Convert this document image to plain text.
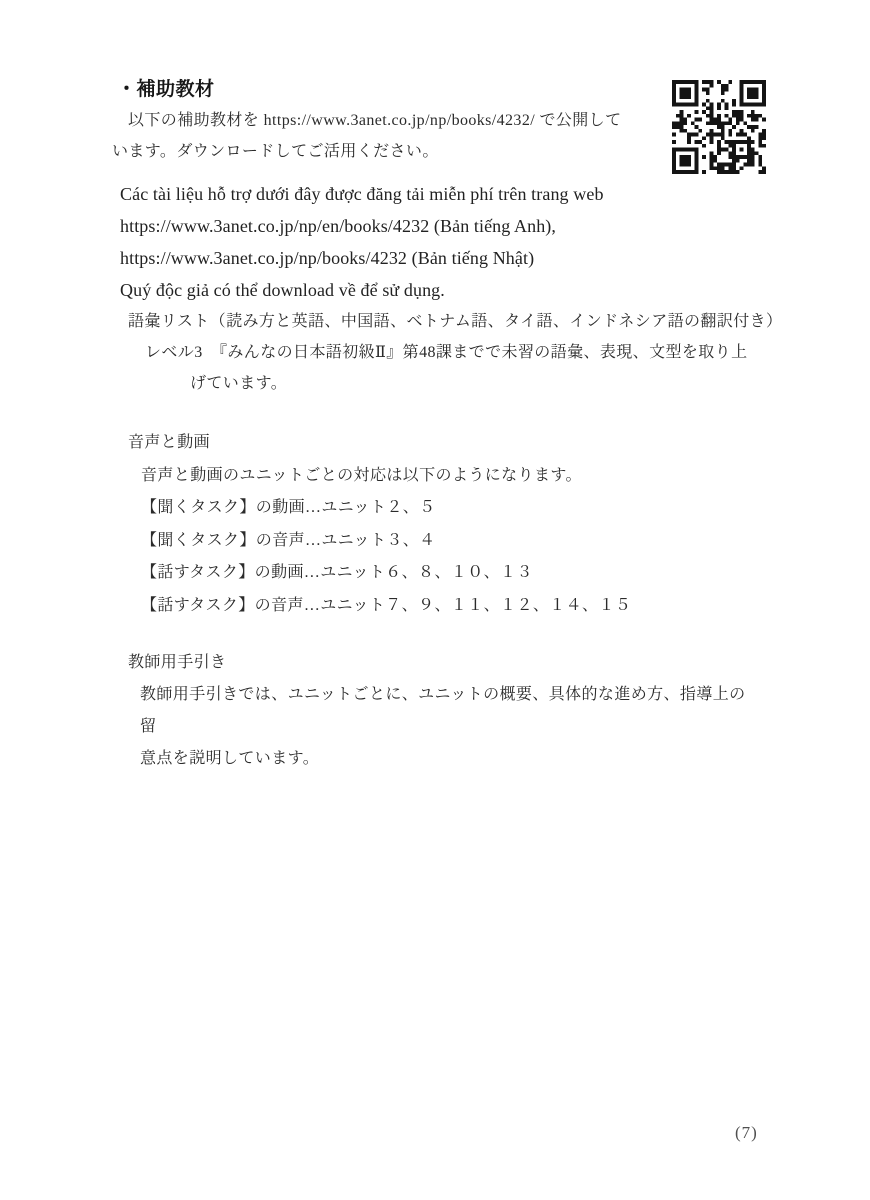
・補助教材
以下の補助教材を https://www.3anet.co.jp/np/books/4232/ で公開して
います。ダウンロードしてご活用ください。
Các tài liệu hỗ trợ dưới đây được đăng tải miễn phí trên trang web
https://www.3anet.co.jp/np/en/books/4232 (Bản tiếng Anh),
https://www.3anet.co.jp/np/books/4232 (Bản tiếng Nhật)
Quý độc giả có thể download về để sử dụng.
語彙リスト（読み方と英語、中国語、ベトナム語、タイ語、インドネシア語の翻訳付き）
レベル3　『みんなの日本語初級Ⅱ』第48課までで未習の語彙、表現、文型を取り上
げています。
音声と動画
音声と動画のユニットごとの対応は以下のようになります。
【聞くタスク】の動画…ユニット２、５
【聞くタスク】の音声…ユニット３、４
【話すタスク】の動画…ユニット６、８、１０、１３
【話すタスク】の音声…ユニット７、９、１１、１２、１４、１５
教師用手引き
教師用手引きでは、ユニットごとに、ユニットの概要、具体的な進め方、指導上の留
意点を説明しています。
(7)
